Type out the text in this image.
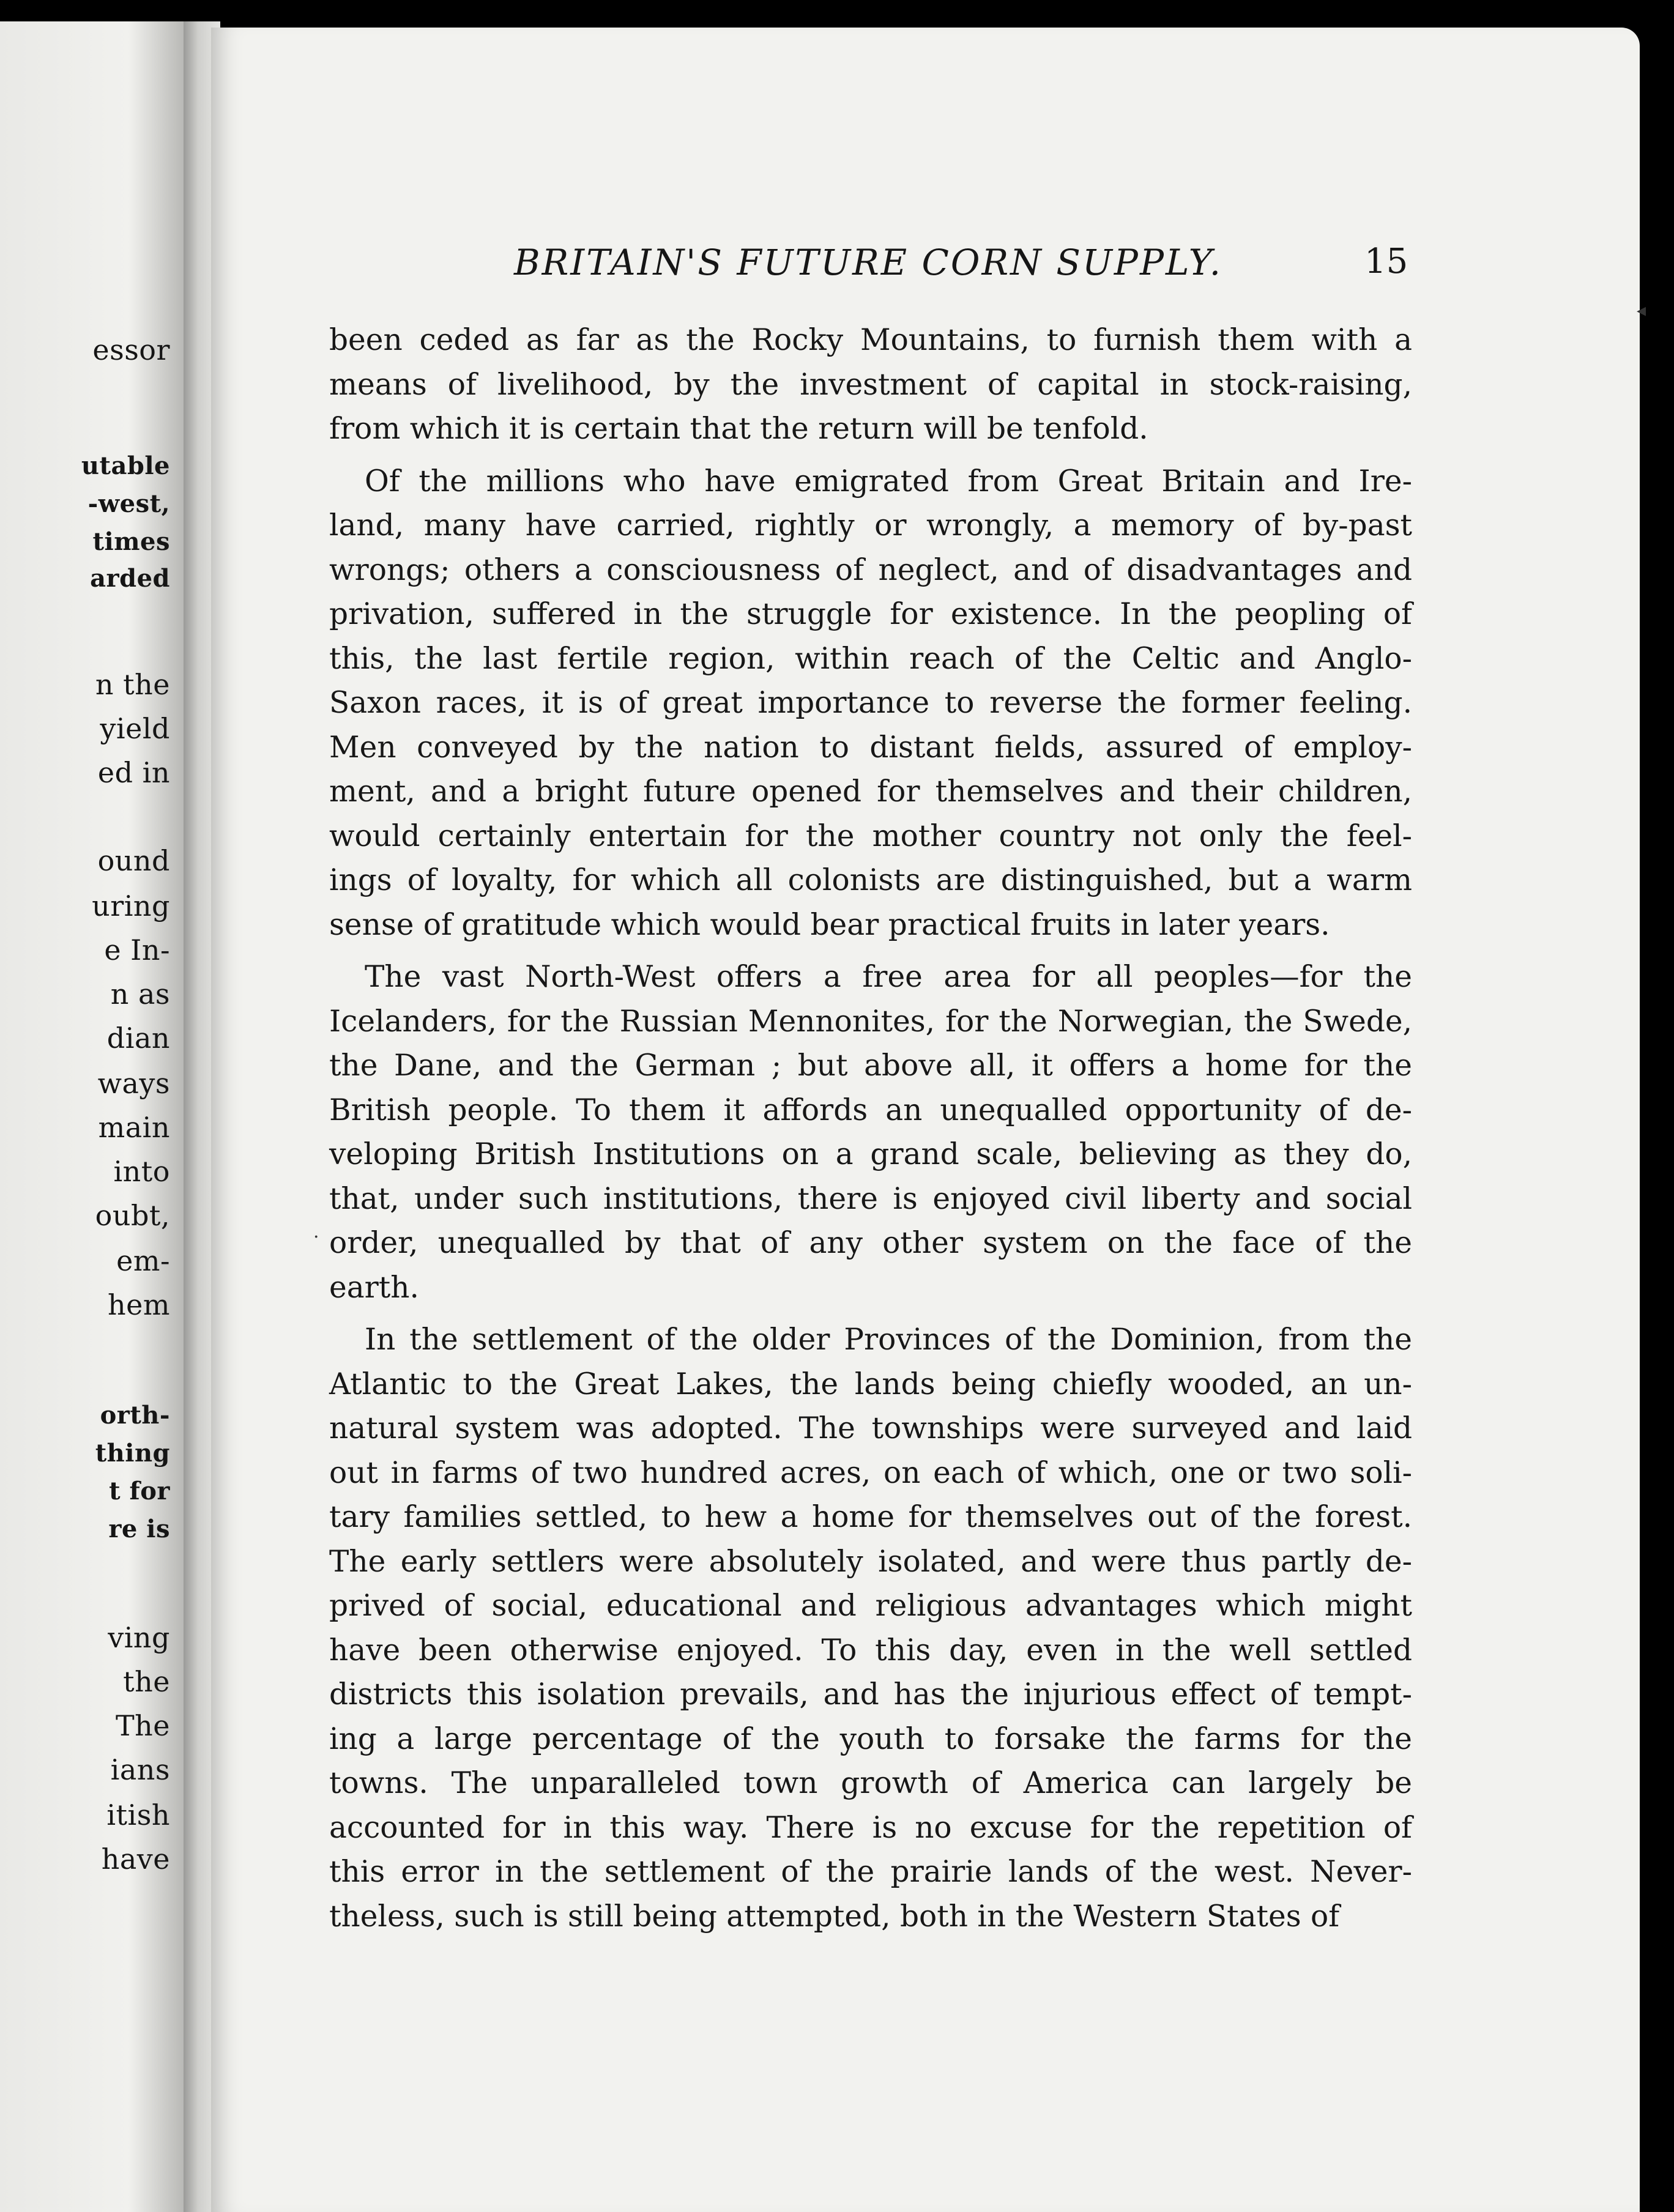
essor
utable
-west,
times
arded
n the
yield
ed in
ound
uring
e In-
n as
dian
ways
main
into
oubt,
em-
hem
orth-
thing
t for
re is
ving
the
The
ians
itish
have
BRITAIN'S FUTURE CORN SUPPLY.	15

been ceded as far as the Rocky Mountains, to furnish them with a
means of livelihood, by the investment of capital in stock-raising,
from which it is certain that the return will be tenfold.

Of the millions who have emigrated from Great Britain and Ire-
land, many have carried, rightly or wrongly, a memory of by-past
wrongs; others a consciousness of neglect, and of disadvantages and
privation, suffered in the struggle for existence. In the peopling of
this, the last fertile region, within reach of the Celtic and Anglo-
Saxon races, it is of great importance to reverse the former feeling.
Men conveyed by the nation to distant fields, assured of employ-
ment, and a bright future opened for themselves and their children,
would certainly entertain for the mother country not only the feel-
ings of loyalty, for which all colonists are distinguished, but a warm
sense of gratitude which would bear practical fruits in later years.

The vast North-West offers a free area for all peoples—for the
Icelanders, for the Russian Mennonites, for the Norwegian, the Swede,
the Dane, and the German ; but above all, it offers a home for the
British people. To them it affords an unequalled opportunity of de-
veloping British Institutions on a grand scale, believing as they do,
that, under such institutions, there is enjoyed civil liberty and social
order, unequalled by that of any other system on the face of the
earth.

In the settlement of the older Provinces of the Dominion, from the
Atlantic to the Great Lakes, the lands being chiefly wooded, an un-
natural system was adopted. The townships were surveyed and laid
out in farms of two hundred acres, on each of which, one or two soli-
tary families settled, to hew a home for themselves out of the forest.
The early settlers were absolutely isolated, and were thus partly de-
prived of social, educational and religious advantages which might
have been otherwise enjoyed. To this day, even in the well settled
districts this isolation prevails, and has the injurious effect of tempt-
ing a large percentage of the youth to forsake the farms for the
towns. The unparalleled town growth of America can largely be
accounted for in this way. There is no excuse for the repetition of
this error in the settlement of the prairie lands of the west. Never-
theless, such is still being attempted, both in the Western States of

◂
·
